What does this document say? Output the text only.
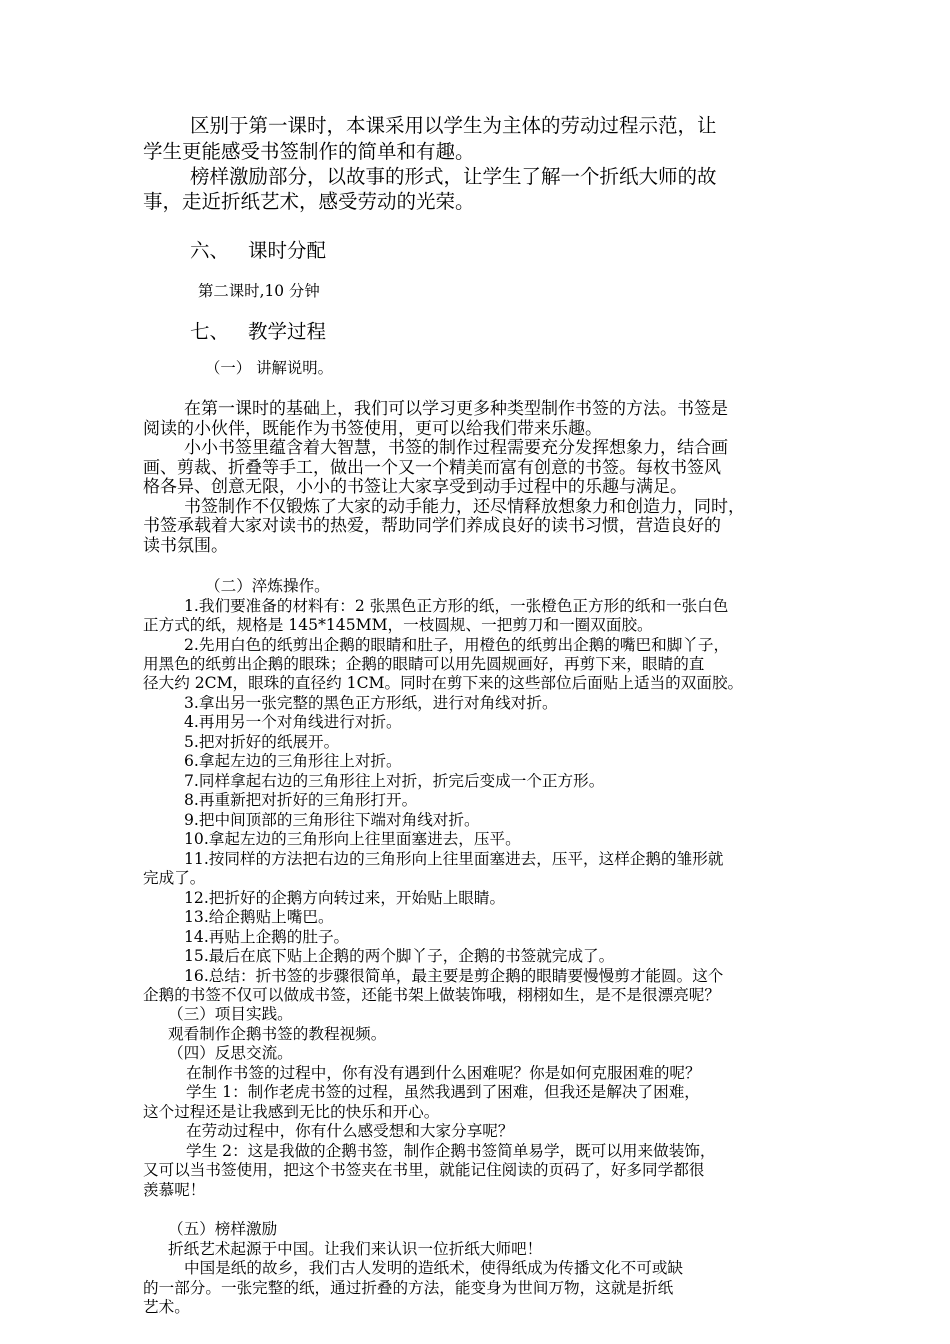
区别于第一课时，本课采用以学生为主体的劳动过程示范，让
学生更能感受书签制作的简单和有趣。
榜样激励部分，以故事的形式，让学生了解一个折纸大师的故
事，走近折纸艺术，感受劳动的光荣。
六、 课时分配
第二课时,10 分钟
七、 教学过程
（一） 讲解说明。
在第一课时的基础上，我们可以学习更多种类型制作书签的方法。书签是
阅读的小伙伴，既能作为书签使用，更可以给我们带来乐趣。
小小书签里蕴含着大智慧，书签的制作过程需要充分发挥想象力，结合画
画、剪裁、折叠等手工，做出一个又一个精美而富有创意的书签。每枚书签风
格各异、创意无限，小小的书签让大家享受到动手过程中的乐趣与满足。
书签制作不仅锻炼了大家的动手能力，还尽情释放想象力和创造力，同时，
书签承载着大家对读书的热爱，帮助同学们养成良好的读书习惯，营造良好的
读书氛围。
（二）淬炼操作。
1.我们要准备的材料有：2 张黑色正方形的纸，一张橙色正方形的纸和一张白色
正方式的纸，规格是 145*145MM，一枝圆规、一把剪刀和一圈双面胶。
2.先用白色的纸剪出企鹅的眼睛和肚子，用橙色的纸剪出企鹅的嘴巴和脚丫子，
用黑色的纸剪出企鹅的眼珠；企鹅的眼睛可以用先圆规画好，再剪下来，眼睛的直
径大约 2CM，眼珠的直径约 1CM。同时在剪下来的这些部位后面贴上适当的双面胶。
3.拿出另一张完整的黑色正方形纸，进行对角线对折。
4.再用另一个对角线进行对折。
5.把对折好的纸展开。
6.拿起左边的三角形往上对折。
7.同样拿起右边的三角形往上对折，折完后变成一个正方形。
8.再重新把对折好的三角形打开。
9.把中间顶部的三角形往下端对角线对折。
10.拿起左边的三角形向上往里面塞进去，压平。
11.按同样的方法把右边的三角形向上往里面塞进去，压平，这样企鹅的雏形就
完成了。
12.把折好的企鹅方向转过来，开始贴上眼睛。
13.给企鹅贴上嘴巴。
14.再贴上企鹅的肚子。
15.最后在底下贴上企鹅的两个脚丫子，企鹅的书签就完成了。
16.总结：折书签的步骤很简单，最主要是剪企鹅的眼睛要慢慢剪才能圆。这个
企鹅的书签不仅可以做成书签，还能书架上做装饰哦，栩栩如生，是不是很漂亮呢？
（三）项目实践。
观看制作企鹅书签的教程视频。
（四）反思交流。
在制作书签的过程中，你有没有遇到什么困难呢？你是如何克服困难的呢？
学生 1：制作老虎书签的过程，虽然我遇到了困难，但我还是解决了困难，
这个过程还是让我感到无比的快乐和开心。
在劳动过程中，你有什么感受想和大家分享呢？
学生 2：这是我做的企鹅书签，制作企鹅书签简单易学，既可以用来做装饰，
又可以当书签使用，把这个书签夹在书里，就能记住阅读的页码了，好多同学都很
羡慕呢！
（五）榜样激励
折纸艺术起源于中国。让我们来认识一位折纸大师吧！
中国是纸的故乡，我们古人发明的造纸术，使得纸成为传播文化不可或缺
的一部分。一张完整的纸，通过折叠的方法，能变身为世间万物，这就是折纸
艺术。
